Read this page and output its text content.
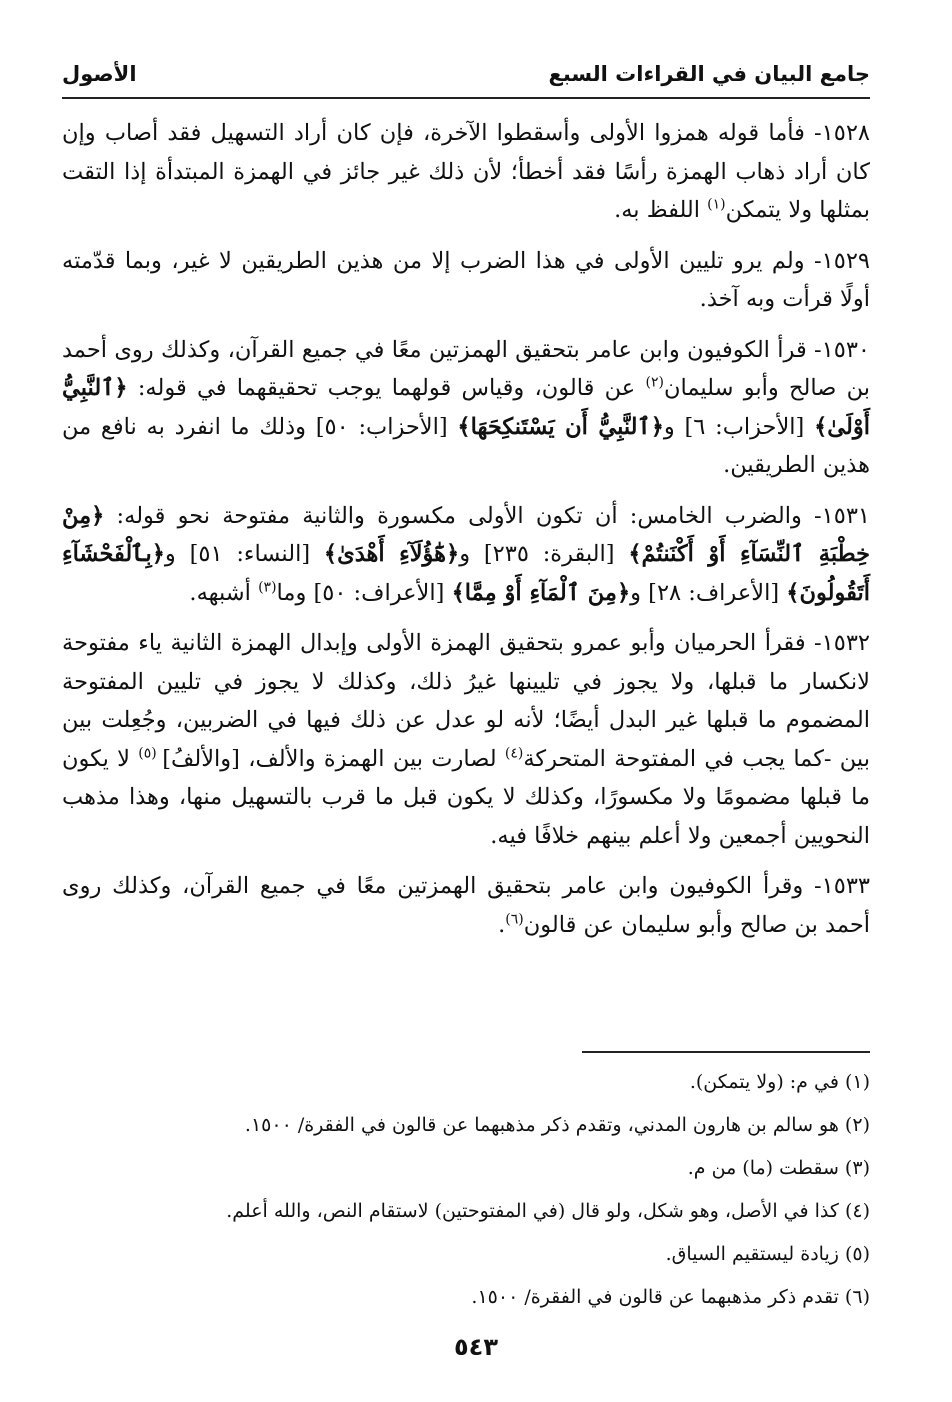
جامع البيان في القراءات السبع
الأصول

١٥٢٨- فأما قوله همزوا الأولى وأسقطوا الآخرة، فإن كان أراد التسهيل فقد أصاب وإن كان أراد ذهاب الهمزة رأسًا فقد أخطأ؛ لأن ذلك غير جائز في الهمزة المبتدأة إذا التقت بمثلها ولا يتمكن$^{(١)}$ اللفظ به.

١٥٢٩- ولم يرو تليين الأولى في هذا الضرب إلا من هذين الطريقين لا غير، وبما قدّمته أولًا قرأت وبه آخذ.

١٥٣٠- قرأ الكوفيون وابن عامر بتحقيق الهمزتين معًا في جميع القرآن، وكذلك روى أحمد بن صالح وأبو سليمان$^{(٢)}$ عن قالون، وقياس قولهما يوجب تحقيقهما في قوله: ﴿ٱلنَّبِيُّ أَوْلَىٰ﴾ [الأحزاب: ٦] و﴿ٱلنَّبِيُّ أَن يَسْتَنكِحَهَا﴾ [الأحزاب: ٥٠] وذلك ما انفرد به نافع من هذين الطريقين.

١٥٣١- والضرب الخامس: أن تكون الأولى مكسورة والثانية مفتوحة نحو قوله: ﴿مِنْ خِطْبَةِ ٱلنِّسَآءِ أَوْ أَكْنَنتُمْ﴾ [البقرة: ٢٣٥] و﴿هَٰٓؤُلَآءِ أَهْدَىٰ﴾ [النساء: ٥١] و﴿بِٱلْفَحْشَآءِ أَتَقُولُونَ﴾ [الأعراف: ٢٨] و﴿مِنَ ٱلْمَآءِ أَوْ مِمَّا﴾ [الأعراف: ٥٠] وما$^{(٣)}$ أشبهه.

١٥٣٢- فقرأ الحرميان وأبو عمرو بتحقيق الهمزة الأولى وإبدال الهمزة الثانية ياء مفتوحة لانكسار ما قبلها، ولا يجوز في تليينها غيرُ ذلك، وكذلك لا يجوز في تليين المفتوحة المضموم ما قبلها غير البدل أيضًا؛ لأنه لو عدل عن ذلك فيها في الضربين، وجُعِلت بين بين -كما يجب في المفتوحة المتحركة$^{(٤)}$ لصارت بين الهمزة والألف، [والألفُ] $^{(٥)}$ لا يكون ما قبلها مضمومًا ولا مكسورًا، وكذلك لا يكون قبل ما قرب بالتسهيل منها، وهذا مذهب النحويين أجمعين ولا أعلم بينهم خلافًا فيه.

١٥٣٣- وقرأ الكوفيون وابن عامر بتحقيق الهمزتين معًا في جميع القرآن، وكذلك روى أحمد بن صالح وأبو سليمان عن قالون$^{(٦)}$.

(١) في م: (ولا يتمكن).
(٢) هو سالم بن هارون المدني، وتقدم ذكر مذهبهما عن قالون في الفقرة/ ١٥٠٠.
(٣) سقطت (ما) من م.
(٤) كذا في الأصل، وهو شكل، ولو قال (في المفتوحتين) لاستقام النص، والله أعلم.
(٥) زيادة ليستقيم السياق.
(٦) تقدم ذكر مذهبهما عن قالون في الفقرة/ ١٥٠٠.
٥٤٣
